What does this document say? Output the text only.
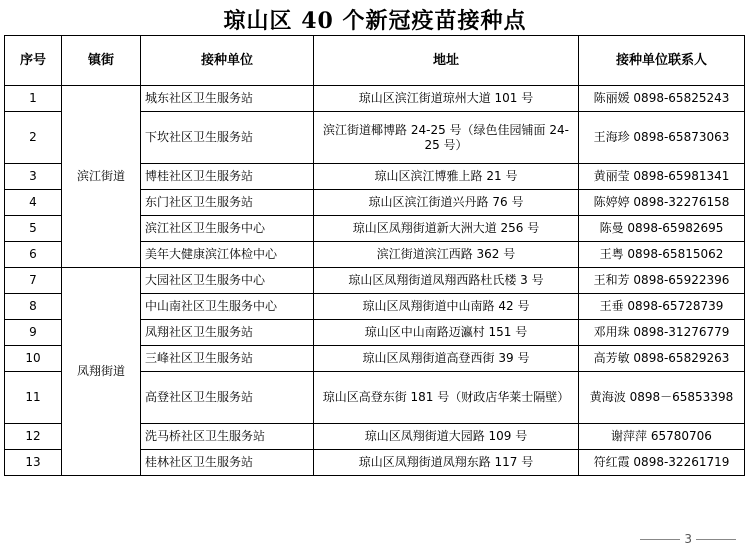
琼山区 40 个新冠疫苗接种点
序号	镇街	接种单位	地址	接种单位联系人
1	滨江街道	城东社区卫生服务站	琼山区滨江街道琼州大道 101 号	陈丽媛 0898-65825243
2		下坎社区卫生服务站	滨江街道椰博路 24-25 号（绿色佳园铺面 24-25 号）	王海珍 0898-65873063
3		博桂社区卫生服务站	琼山区滨江博雅上路 21 号	黄丽莹 0898-65981341
4		东门社区卫生服务站	琼山区滨江街道兴丹路 76 号	陈婷婷 0898-32276158
5		滨江社区卫生服务中心	琼山区凤翔街道新大洲大道 256 号	陈曼 0898-65982695
6		美年大健康滨江体检中心	滨江街道滨江西路 362 号	王粤 0898-65815062
7	凤翔街道	大园社区卫生服务中心	琼山区凤翔街道凤翔西路杜氏楼 3 号	王和芳 0898-65922396
8		中山南社区卫生服务中心	琼山区凤翔街道中山南路 42 号	王垂 0898-65728739
9		凤翔社区卫生服务站	琼山区中山南路迈瀛村 151 号	邓用珠 0898-31276779
10		三峰社区卫生服务站	琼山区凤翔街道高登西街 39 号	高芳敏 0898-65829263
11		高登社区卫生服务站	琼山区高登东街 181 号（财政店华莱士隔壁）	黄海波 0898－65853398
12		洗马桥社区卫生服务站	琼山区凤翔街道大园路 109 号	谢萍萍 65780706
13		桂林社区卫生服务站	琼山区凤翔街道凤翔东路 117 号	符红霞 0898-32261719
3
